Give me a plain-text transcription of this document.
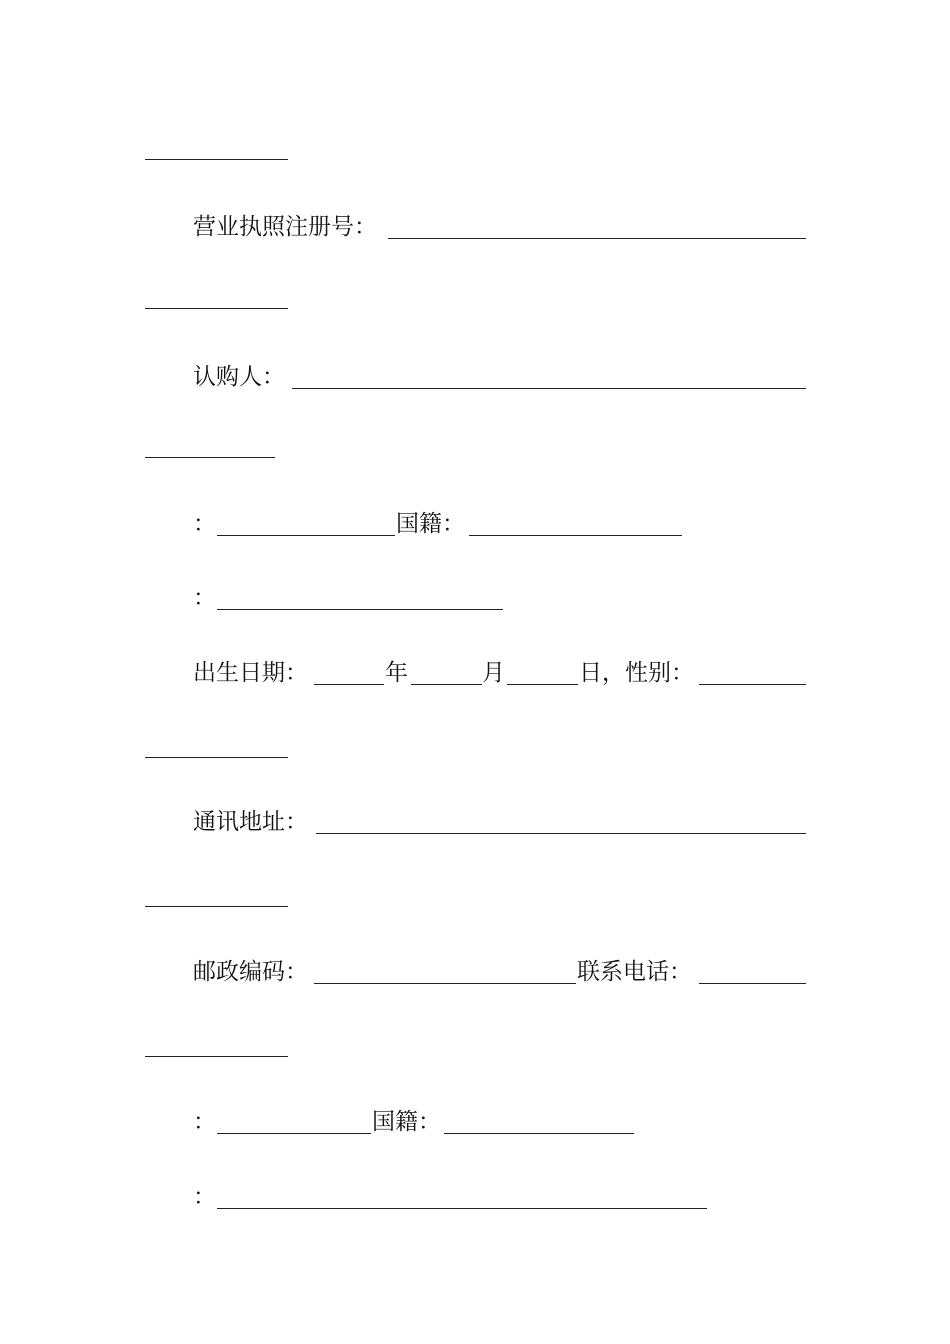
营业执照注册号：
认购人：
：	国籍：
：
出生日期：	年	月	日，性别：
通讯地址：
邮政编码：	联系电话：
：	国籍：
：
